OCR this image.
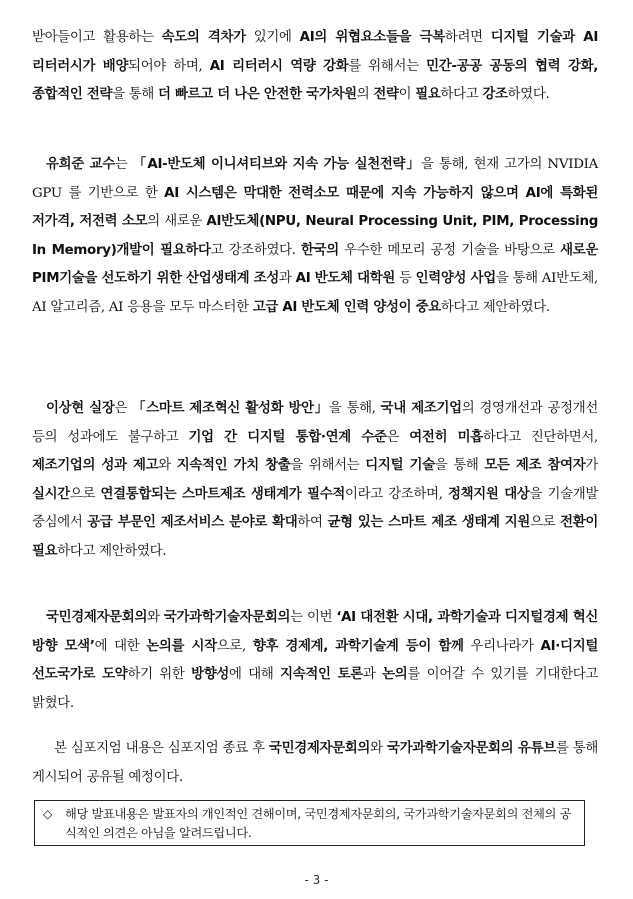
받아들이고 활용하는 속도의 격차가 있기에 AI의 위협요소들을 극복하려면 디지털 기술과 AI 리터러시가 배양되어야 하며, AI 리터러시 역량 강화를 위해서는 민간-공공 공동의 협력 강화, 종합적인 전략을 통해 더 빠르고 더 나은 안전한 국가차원의 전략이 필요하다고 강조하였다.

유희준 교수는 「AI-반도체 이니셔티브와 지속 가능 실천전략」을 통해, 현재 고가의 NVIDIA GPU 를 기반으로 한 AI 시스템은 막대한 전력소모 때문에 지속 가능하지 않으며 AI에 특화된 저가격, 저전력 소모의 새로운 AI반도체(NPU, Neural Processing Unit, PIM, Processing In Memory)개발이 필요하다고 강조하였다. 한국의 우수한 메모리 공정 기술을 바탕으로 새로운 PIM기술을 선도하기 위한 산업생태계 조성과 AI 반도체 대학원 등 인력양성 사업을 통해 AI반도체, AI 알고리즘, AI 응용을 모두 마스터한 고급 AI 반도체 인력 양성이 중요하다고 제안하였다.

이상현 실장은 「스마트 제조혁신 활성화 방안」을 통해, 국내 제조기업의 경영개선과 공정개선 등의 성과에도 불구하고 기업 간 디지털 통합·연계 수준은 여전히 미흡하다고 진단하면서, 제조기업의 성과 제고와 지속적인 가치 창출을 위해서는 디지털 기술을 통해 모든 제조 참여자가 실시간으로 연결통합되는 스마트제조 생태계가 필수적이라고 강조하며, 정책지원 대상을 기술개발 중심에서 공급 부문인 제조서비스 분야로 확대하여 균형 있는 스마트 제조 생태계 지원으로 전환이 필요하다고 제안하였다.

국민경제자문회의와 국가과학기술자문회의는 이번 ‘AI 대전환 시대, 과학기술과 디지털경제 혁신 방향 모색’에 대한 논의를 시작으로, 향후 경제계, 과학기술계 등이 함께 우리나라가 AI·디지털 선도국가로 도약하기 위한 방향성에 대해 지속적인 토론과 논의를 이어갈 수 있기를 기대한다고 밝혔다.

본 심포지엄 내용은 심포지엄 종료 후 국민경제자문회의와 국가과학기술자문회의 유튜브를 통해 게시되어 공유될 예정이다.

◇ 해당 발표내용은 발표자의 개인적인 견해이며, 국민경제자문회의, 국가과학기술자문회의 전체의 공식적인 의견은 아님을 알려드립니다.
- 3 -
